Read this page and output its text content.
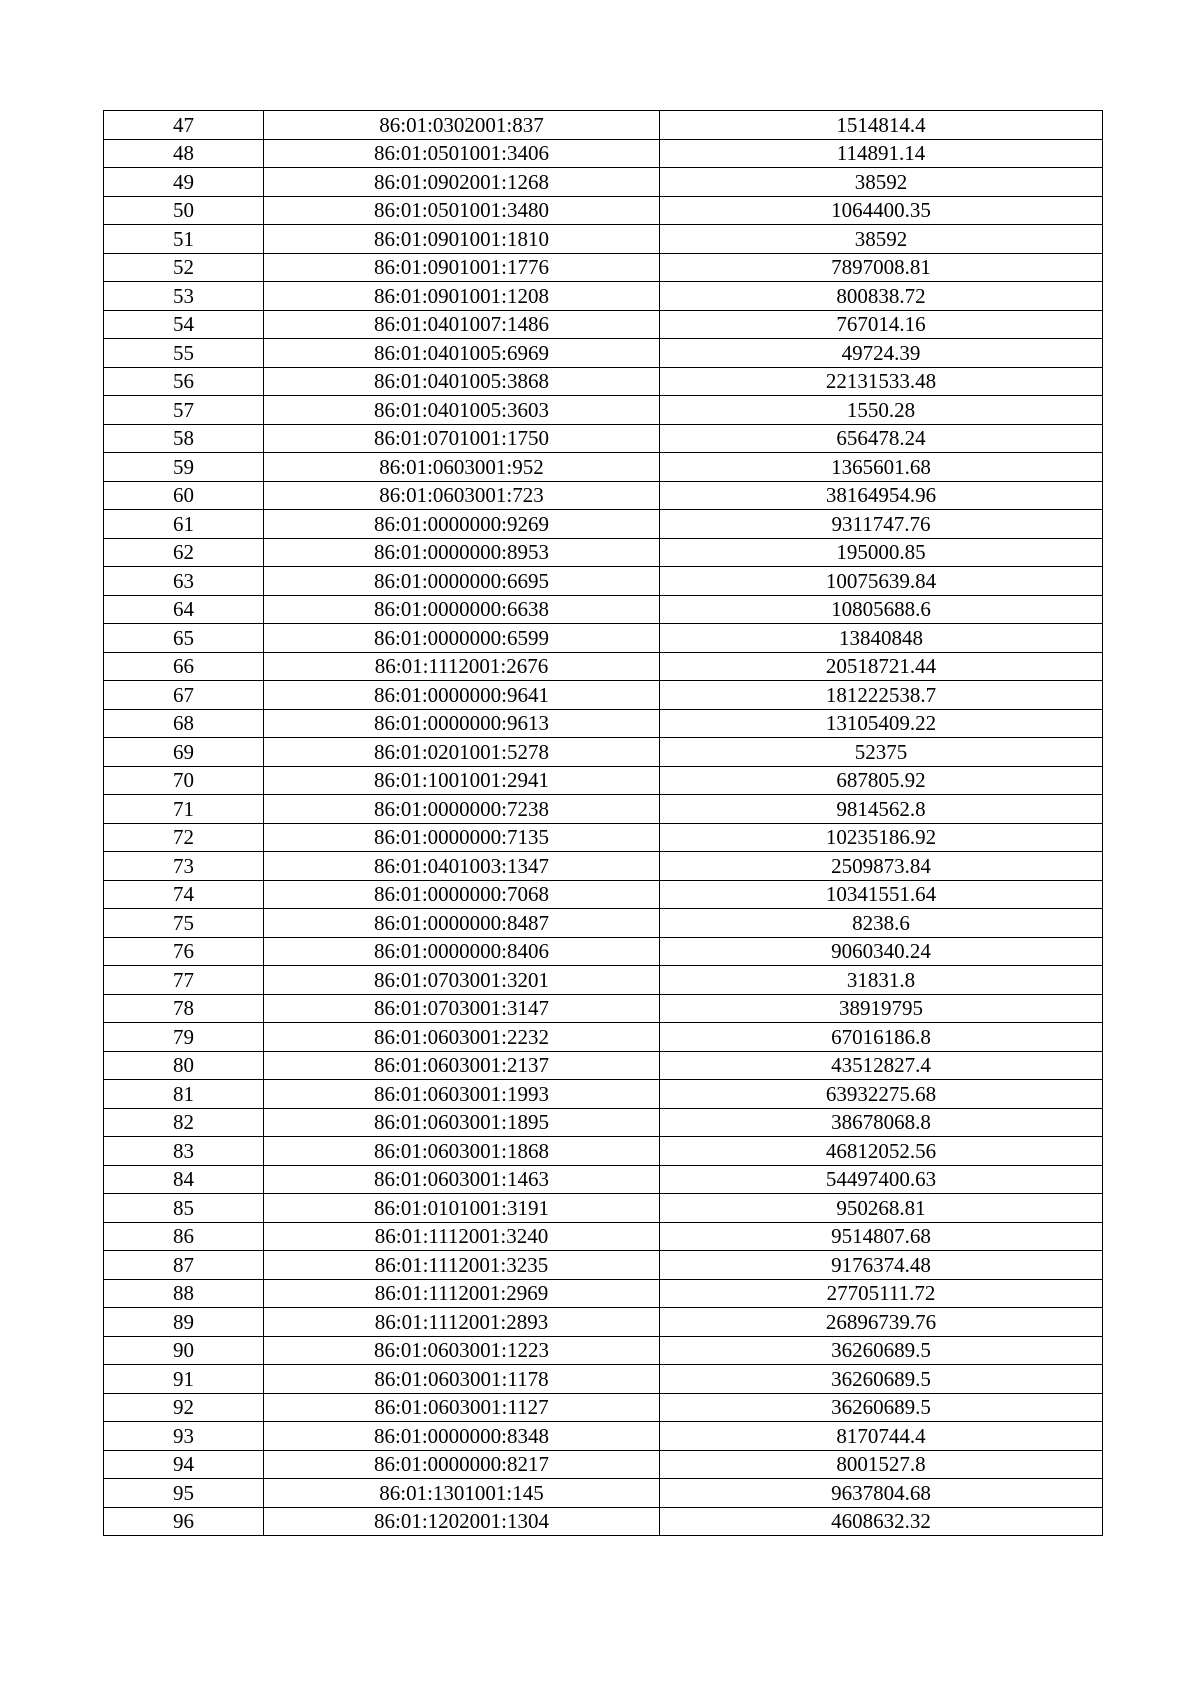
47	86:01:0302001:837	1514814.4
48	86:01:0501001:3406	114891.14
49	86:01:0902001:1268	38592
50	86:01:0501001:3480	1064400.35
51	86:01:0901001:1810	38592
52	86:01:0901001:1776	7897008.81
53	86:01:0901001:1208	800838.72
54	86:01:0401007:1486	767014.16
55	86:01:0401005:6969	49724.39
56	86:01:0401005:3868	22131533.48
57	86:01:0401005:3603	1550.28
58	86:01:0701001:1750	656478.24
59	86:01:0603001:952	1365601.68
60	86:01:0603001:723	38164954.96
61	86:01:0000000:9269	9311747.76
62	86:01:0000000:8953	195000.85
63	86:01:0000000:6695	10075639.84
64	86:01:0000000:6638	10805688.6
65	86:01:0000000:6599	13840848
66	86:01:1112001:2676	20518721.44
67	86:01:0000000:9641	181222538.7
68	86:01:0000000:9613	13105409.22
69	86:01:0201001:5278	52375
70	86:01:1001001:2941	687805.92
71	86:01:0000000:7238	9814562.8
72	86:01:0000000:7135	10235186.92
73	86:01:0401003:1347	2509873.84
74	86:01:0000000:7068	10341551.64
75	86:01:0000000:8487	8238.6
76	86:01:0000000:8406	9060340.24
77	86:01:0703001:3201	31831.8
78	86:01:0703001:3147	38919795
79	86:01:0603001:2232	67016186.8
80	86:01:0603001:2137	43512827.4
81	86:01:0603001:1993	63932275.68
82	86:01:0603001:1895	38678068.8
83	86:01:0603001:1868	46812052.56
84	86:01:0603001:1463	54497400.63
85	86:01:0101001:3191	950268.81
86	86:01:1112001:3240	9514807.68
87	86:01:1112001:3235	9176374.48
88	86:01:1112001:2969	27705111.72
89	86:01:1112001:2893	26896739.76
90	86:01:0603001:1223	36260689.5
91	86:01:0603001:1178	36260689.5
92	86:01:0603001:1127	36260689.5
93	86:01:0000000:8348	8170744.4
94	86:01:0000000:8217	8001527.8
95	86:01:1301001:145	9637804.68
96	86:01:1202001:1304	4608632.32
